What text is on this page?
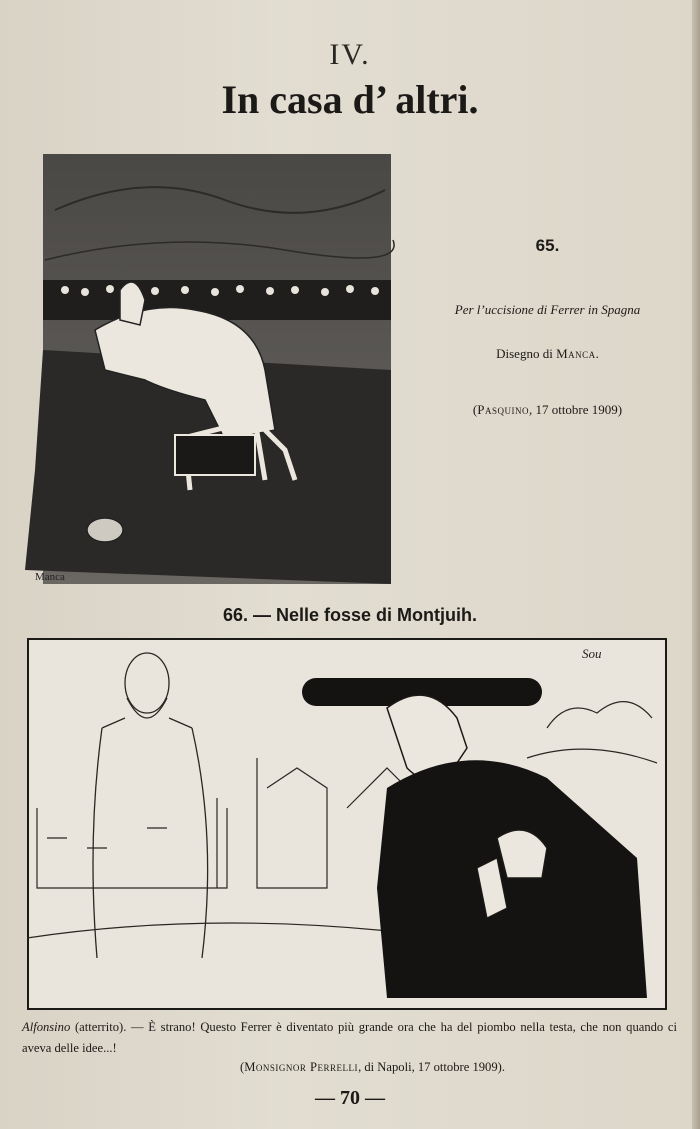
IV.
In casa d’ altri.
Manca
65.
Per l’uccisione di Ferrer in Spagna
Disegno di Manca.
(Pasquino, 17 ottobre 1909)
66. — Nelle fosse di Montjuih.
Sou
Alfonsino (atterrito). — È strano! Questo Ferrer è diventato più grande ora che ha del piombo nella testa, che non quando ci aveva delle idee...!
(Monsignor Perrelli, di Napoli, 17 ottobre 1909).
— 70 —
